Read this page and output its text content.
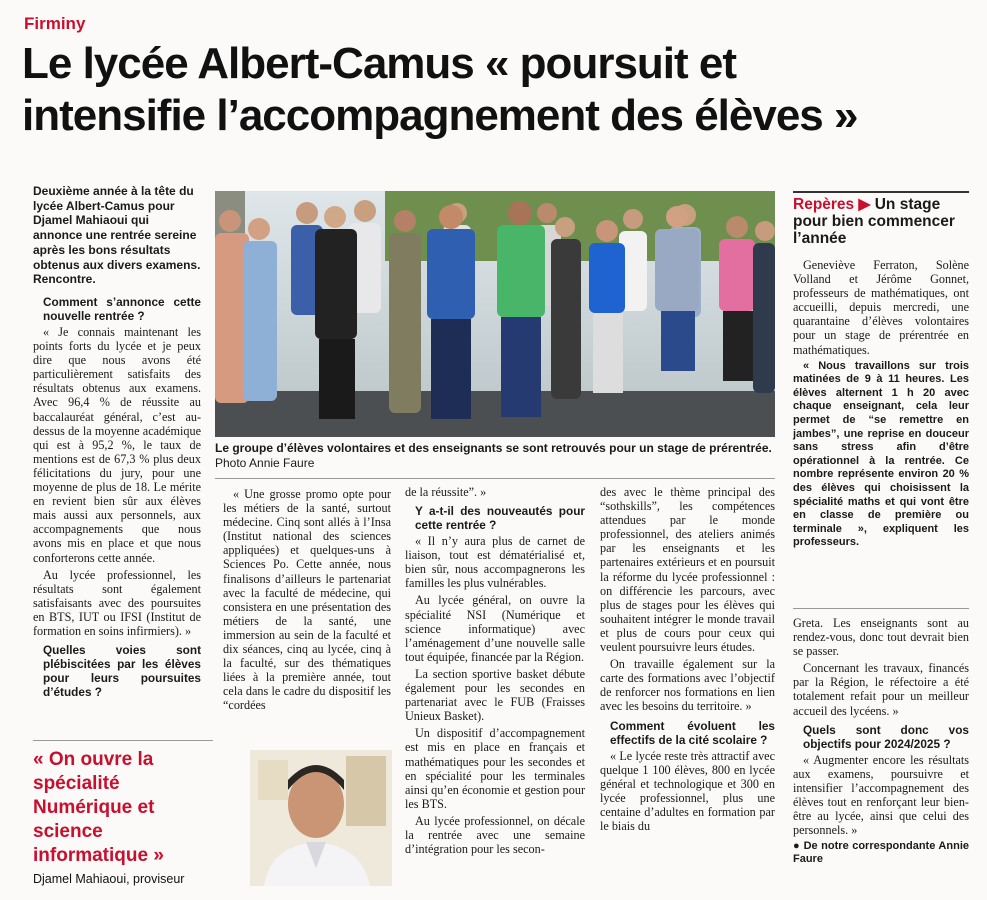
Firminy
Le lycée Albert-Camus « poursuit et
intensifie l’accompagnement des élèves »
Deuxième année à la tête du lycée Albert-Camus pour Djamel Mahiaoui qui annonce une rentrée sereine après les bons résultats obtenus aux divers examens. Rencontre.
Comment s’annonce cette nouvelle rentrée ?

« Je connais maintenant les points forts du lycée et je peux dire que nous avons été particulièrement satisfaits des résultats obtenus aux examens. Avec 96,4 % de réussite au baccalauréat général, c’est au-dessus de la moyenne académique qui est à 95,2 %, le taux de mentions est de 67,3 % plus deux félicitations du jury, pour une moyenne de plus de 18. Le mérite en revient bien sûr aux élèves mais aussi aux personnels, aux accompagnements que nous avons mis en place et que nous conforterons cette année.

Au lycée professionnel, les résultats sont également satisfaisants avec des poursuites en BTS, IUT ou IFSI (Institut de formation en soins infirmiers). »

Quelles voies sont plébiscitées par les élèves pour leurs poursuites d’études ?
Le groupe d’élèves volontaires et des enseignants se sont retrouvés pour un stage de prérentrée. Photo Annie Faure

« Une grosse promo opte pour les métiers de la santé, surtout médecine. Cinq sont allés à l’Insa (Institut national des sciences appliquées) et quelques-uns à Sciences Po. Cette année, nous finalisons d’ailleurs le partenariat avec la faculté de médecine, qui consistera en une présentation des métiers de la santé, une immersion au sein de la faculté et dix séances, cinq au lycée, cinq à la faculté, sur des thématiques liées à la première année, tout cela dans le cadre du dispositif les “cordées

de la réussite”. »

Y a-t-il des nouveautés pour cette rentrée ?

« Il n’y aura plus de carnet de liaison, tout est dématérialisé et, bien sûr, nous accompagnerons les familles les plus vulnérables.

Au lycée général, on ouvre la spécialité NSI (Numérique et science informatique) avec l’aménagement d’une nouvelle salle tout équipée, financée par la Région.

La section sportive basket débute également pour les secondes en partenariat avec le FUB (Fraisses Unieux Basket).

Un dispositif d’accompagnement est mis en place en français et mathématiques pour les secondes et en spécialité pour les terminales ainsi qu’en économie et gestion pour les BTS.

Au lycée professionnel, on décale la rentrée avec une semaine d’intégration pour les secon-

des avec le thème principal des “sothskills”, les compétences attendues par le monde professionnel, des ateliers animés par les enseignants et les partenaires extérieurs et en poursuit la réforme du lycée professionnel : on différencie les parcours, avec plus de stages pour les élèves qui souhaitent intégrer le monde travail et plus de cours pour ceux qui veulent poursuivre leurs études.

On travaille également sur la carte des formations avec l’objectif de renforcer nos formations en lien avec les besoins du territoire. »

Comment évoluent les effectifs de la cité scolaire ?

« Le lycée reste très attractif avec quelque 1 100 élèves, 800 en lycée général et technologique et 300 en lycée professionnel, plus une centaine d’adultes en formation par le biais du

Repères ▶ Un stage pour bien commencer l’année

Geneviève Ferraton, Solène Volland et Jérôme Gonnet, professeurs de mathématiques, ont accueilli, depuis mercredi, une quarantaine d’élèves volontaires pour un stage de prérentrée en mathématiques.

« Nous travaillons sur trois matinées de 9 à 11 heures. Les élèves alternent 1 h 20 avec chaque enseignant, cela leur permet de “se remettre en jambes”, une reprise en douceur sans stress afin d’être opérationnel à la rentrée. Ce nombre représente environ 20 % des élèves qui choisissent la spécialité maths et qui vont être en classe de première ou terminale », expliquent les professeurs.

Greta. Les enseignants sont au rendez-vous, donc tout devrait bien se passer.

Concernant les travaux, financés par la Région, le réfectoire a été totalement refait pour un meilleur accueil des lycéens. »

Quels sont donc vos objectifs pour 2024/2025 ?

« Augmenter encore les résultats aux examens, poursuivre et intensifier l’accompagnement des élèves tout en renforçant leur bien-être au lycée, ainsi que celui des personnels. »

● De notre correspondante Annie Faure

« On ouvre la spécialité Numérique et science informatique »
Djamel Mahiaoui, proviseur
